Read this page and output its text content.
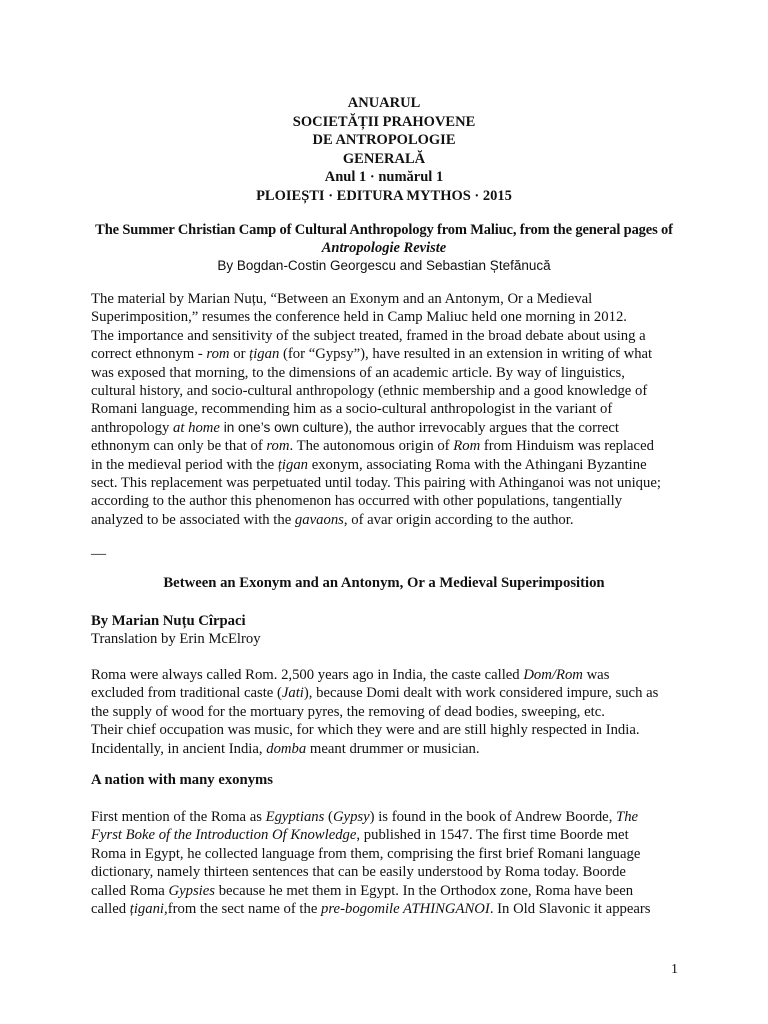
ANUARUL
SOCIETĂȚII PRAHOVENE
DE ANTROPOLOGIE
GENERALĂ
Anul 1 · numărul 1
PLOIEȘTI · EDITURA MYTHOS · 2015
The Summer Christian Camp of Cultural Anthropology from Maliuc, from the general pages of
Antropologie Reviste
By Bogdan-Costin Georgescu and Sebastian Ștefănucă
The material by Marian Nuțu, “Between an Exonym and an Antonym, Or a Medieval
Superimposition,” resumes the conference held in Camp Maliuc held one morning in 2012.
The importance and sensitivity of the subject treated, framed in the broad debate about using a
correct ethnonym - rom or țigan (for “Gypsy”), have resulted in an extension in writing of what
was exposed that morning, to the dimensions of an academic article. By way of linguistics,
cultural history, and socio-cultural anthropology (ethnic membership and a good knowledge of
Romani language, recommending him as a socio-cultural anthropologist in the variant of
anthropology at home in one’s own culture), the author irrevocably argues that the correct
ethnonym can only be that of rom. The autonomous origin of Rom from Hinduism was replaced
in the medieval period with the țigan exonym, associating Roma with the Athingani Byzantine
sect. This replacement was perpetuated until today. This pairing with Athinganoi was not unique;
according to the author this phenomenon has occurred with other populations, tangentially
analyzed to be associated with the gavaons, of avar origin according to the author.
—
Between an Exonym and an Antonym, Or a Medieval Superimposition
By Marian Nuțu Cîrpaci
Translation by Erin McElroy
Roma were always called Rom. 2,500 years ago in India, the caste called Dom/Rom was
excluded from traditional caste (Jati), because Domi dealt with work considered impure, such as
the supply of wood for the mortuary pyres, the removing of dead bodies, sweeping, etc.
Their chief occupation was music, for which they were and are still highly respected in India.
Incidentally, in ancient India, domba meant drummer or musician.
A nation with many exonyms
First mention of the Roma as Egyptians (Gypsy) is found in the book of Andrew Boorde, The
Fyrst Boke of the Introduction Of Knowledge, published in 1547. The first time Boorde met
Roma in Egypt, he collected language from them, comprising the first brief Romani language
dictionary, namely thirteen sentences that can be easily understood by Roma today. Boorde
called Roma Gypsies because he met them in Egypt. In the Orthodox zone, Roma have been
called țigani,from the sect name of the pre-bogomile ATHINGANOI. In Old Slavonic it appears
1
